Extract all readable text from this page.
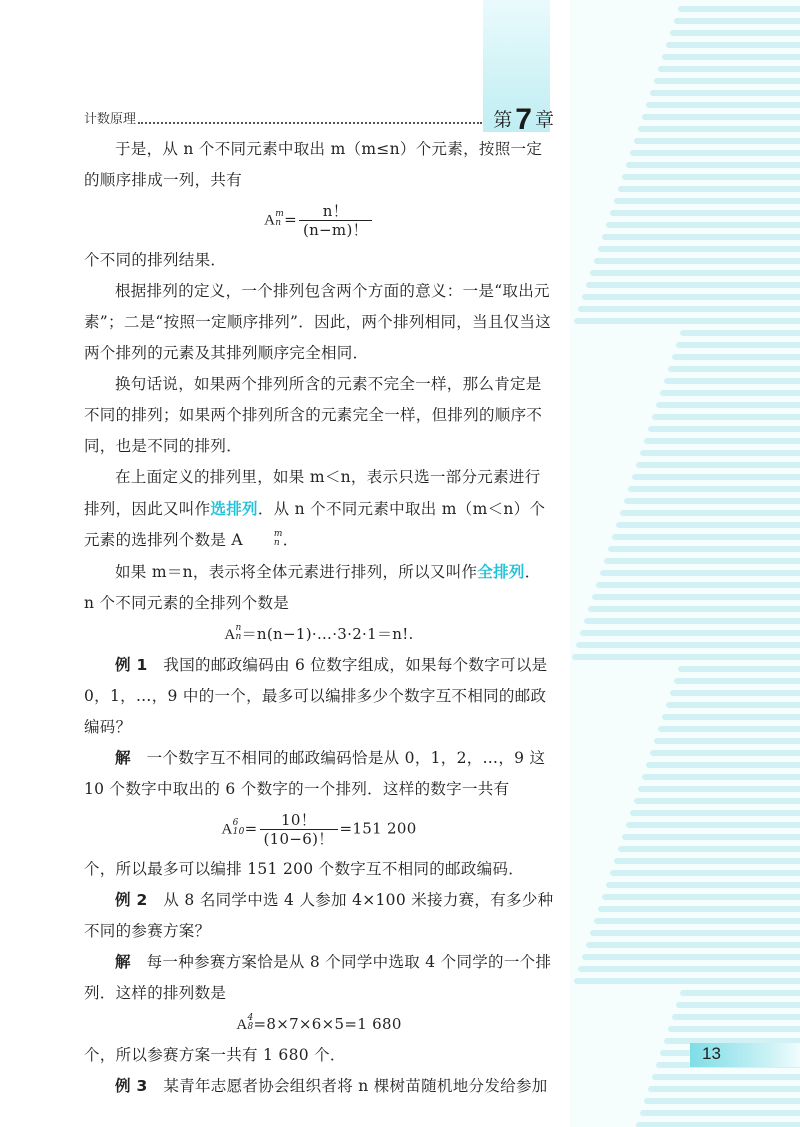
计数原理	第 7 章

于是，从 n 个不同元素中取出 m（m≤n）个元素，按照一定的顺序排成一列，共有

A m
$n = \frac{n!}{(n-m)!}$

个不同的排列结果．

根据排列的定义，一个排列包含两个方面的意义：一是“取出元素”；二是“按照一定顺序排列”．因此，两个排列相同，当且仅当这两个排列的元素及其排列顺序完全相同．

换句话说，如果两个排列所含的元素不完全一样，那么肯定是不同的排列；如果两个排列所含的元素完全一样，但排列的顺序不同，也是不同的排列．

在上面定义的排列里，如果 m＜n，表示只选一部分元素进行排列，因此又叫作选排列．从 n 个不同元素中取出 m（m＜n）个元素的选排列个数是 A	m
n ．

如果 m＝n，表示将全体元素进行排列，所以又叫作全排列． n 个不同元素的全排列个数是

A n
n ＝n(n−1)·…·3·2·1＝n!.

例 1　 我国的邮政编码由 6 位数字组成，如果每个数字可以是 0，1，…，9 中的一个，最多可以编排多少个数字互不相同的邮政编码？

解　 一个数字互不相同的邮政编码恰是从 0，1，2，…，9 这 10 个数字中取出的 6 个数字的一个排列．这样的数字一共有

A 6
$10 = \frac{10!}{(10-6)!} =151$ 200

个，所以最多可以编排 151 200 个数字互不相同的邮政编码．

例 2　 从 8 名同学中选 4 人参加 4×100 米接力赛，有多少种不同的参赛方案？

解　 每一种参赛方案恰是从 8 个同学中选取 4 个同学的一个排列．这样的排列数是

A 4
8 =8×7×6×5=1 680

个，所以参赛方案一共有 1 680 个．

例 3　 某青年志愿者协会组织者将 n 棵树苗随机地分发给参加

13
